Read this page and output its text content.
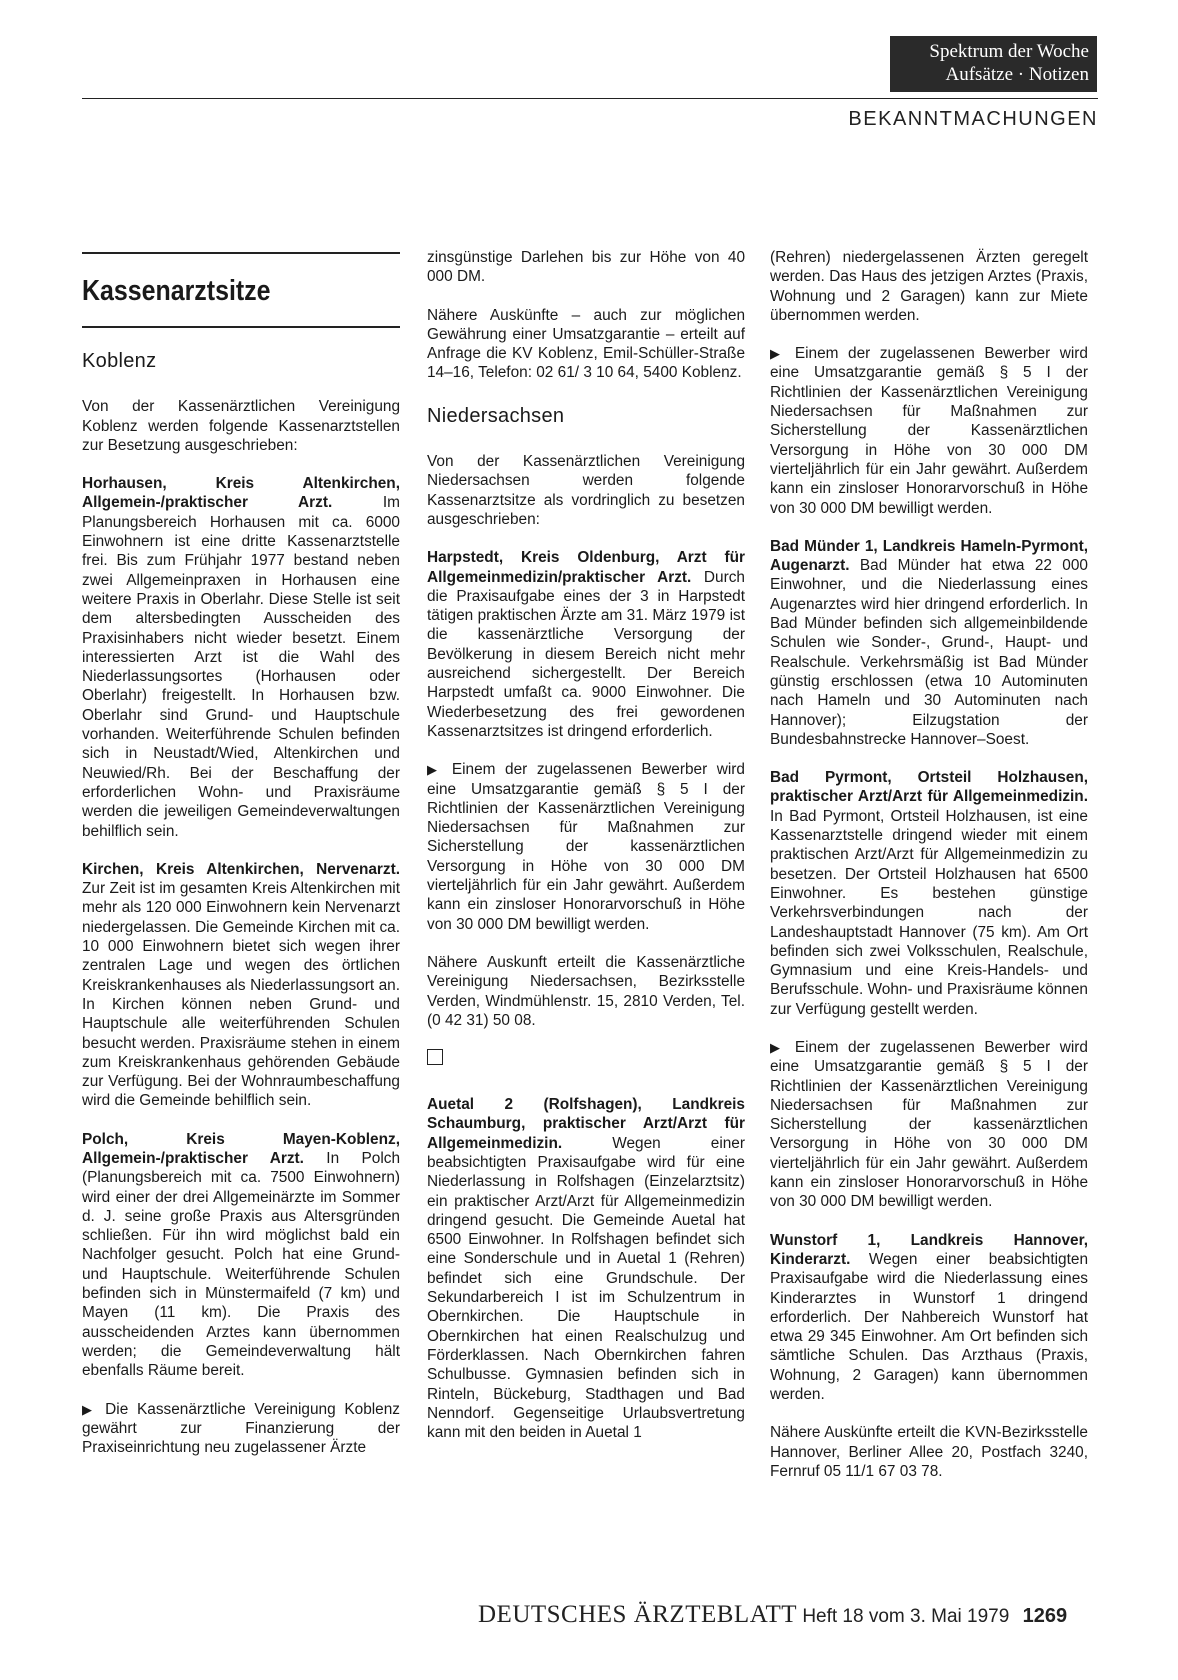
Spektrum der Woche
Aufsätze · Notizen
BEKANNTMACHUNGEN
Kassenarztsitze
Koblenz

Von der Kassenärztlichen Vereinigung Koblenz werden folgende Kassenarztstellen zur Besetzung ausgeschrieben:

Horhausen, Kreis Altenkirchen, Allgemein-/praktischer Arzt. Im Planungsbereich Horhausen mit ca. 6000 Einwohnern ist eine dritte Kassenarztstelle frei. Bis zum Frühjahr 1977 bestand neben zwei Allgemeinpraxen in Horhausen eine weitere Praxis in Oberlahr. Diese Stelle ist seit dem altersbedingten Ausscheiden des Praxisinhabers nicht wieder besetzt. Einem interessierten Arzt ist die Wahl des Niederlassungsortes (Horhausen oder Oberlahr) freigestellt. In Horhausen bzw. Oberlahr sind Grund- und Hauptschule vorhanden. Weiterführende Schulen befinden sich in Neustadt/Wied, Altenkirchen und Neuwied/Rh. Bei der Beschaffung der erforderlichen Wohn- und Praxisräume werden die jeweiligen Gemeindeverwaltungen behilflich sein.

Kirchen, Kreis Altenkirchen, Nervenarzt. Zur Zeit ist im gesamten Kreis Altenkirchen mit mehr als 120 000 Einwohnern kein Nervenarzt niedergelassen. Die Gemeinde Kirchen mit ca. 10 000 Einwohnern bietet sich wegen ihrer zentralen Lage und wegen des örtlichen Kreiskrankenhauses als Niederlassungsort an. In Kirchen können neben Grund- und Hauptschule alle weiterführenden Schulen besucht werden. Praxisräume stehen in einem zum Kreiskrankenhaus gehörenden Gebäude zur Verfügung. Bei der Wohnraumbeschaffung wird die Gemeinde behilflich sein.

Polch, Kreis Mayen-Koblenz, Allgemein-/praktischer Arzt. In Polch (Planungsbereich mit ca. 7500 Einwohnern) wird einer der drei Allgemeinärzte im Sommer d. J. seine große Praxis aus Altersgründen schließen. Für ihn wird möglichst bald ein Nachfolger gesucht. Polch hat eine Grund- und Hauptschule. Weiterführende Schulen befinden sich in Münstermaifeld (7 km) und Mayen (11 km). Die Praxis des ausscheidenden Arztes kann übernommen werden; die Gemeindeverwaltung hält ebenfalls Räume bereit.

▶ Die Kassenärztliche Vereinigung Koblenz gewährt zur Finanzierung der Praxiseinrichtung neu zugelassener Ärzte

zinsgünstige Darlehen bis zur Höhe von 40 000 DM.

Nähere Auskünfte – auch zur möglichen Gewährung einer Umsatzgarantie – erteilt auf Anfrage die KV Koblenz, Emil-Schüller-Straße 14–16, Telefon: 02 61/ 3 10 64, 5400 Koblenz.

Niedersachsen

Von der Kassenärztlichen Vereinigung Niedersachsen werden folgende Kassenarztsitze als vordringlich zu besetzen ausgeschrieben:

Harpstedt, Kreis Oldenburg, Arzt für Allgemeinmedizin/praktischer Arzt. Durch die Praxisaufgabe eines der 3 in Harpstedt tätigen praktischen Ärzte am 31. März 1979 ist die kassenärztliche Versorgung der Bevölkerung in diesem Bereich nicht mehr ausreichend sichergestellt. Der Bereich Harpstedt umfaßt ca. 9000 Einwohner. Die Wiederbesetzung des frei gewordenen Kassenarztsitzes ist dringend erforderlich.

▶ Einem der zugelassenen Bewerber wird eine Umsatzgarantie gemäß § 5 I der Richtlinien der Kassenärztlichen Vereinigung Niedersachsen für Maßnahmen zur Sicherstellung der kassenärztlichen Versorgung in Höhe von 30 000 DM vierteljährlich für ein Jahr gewährt. Außerdem kann ein zinsloser Honorarvorschuß in Höhe von 30 000 DM bewilligt werden.

Nähere Auskunft erteilt die Kassenärztliche Vereinigung Niedersachsen, Bezirksstelle Verden, Windmühlenstr. 15, 2810 Verden, Tel. (0 42 31) 50 08.

Auetal 2 (Rolfshagen), Landkreis Schaumburg, praktischer Arzt/Arzt für Allgemeinmedizin. Wegen einer beabsichtigten Praxisaufgabe wird für eine Niederlassung in Rolfshagen (Einzelarztsitz) ein praktischer Arzt/Arzt für Allgemeinmedizin dringend gesucht. Die Gemeinde Auetal hat 6500 Einwohner. In Rolfshagen befindet sich eine Sonderschule und in Auetal 1 (Rehren) befindet sich eine Grundschule. Der Sekundarbereich I ist im Schulzentrum in Obernkirchen. Die Hauptschule in Obernkirchen hat einen Realschulzug und Förderklassen. Nach Obernkirchen fahren Schulbusse. Gymnasien befinden sich in Rinteln, Bückeburg, Stadthagen und Bad Nenndorf. Gegenseitige Urlaubsvertretung kann mit den beiden in Auetal 1

(Rehren) niedergelassenen Ärzten geregelt werden. Das Haus des jetzigen Arztes (Praxis, Wohnung und 2 Garagen) kann zur Miete übernommen werden.

▶ Einem der zugelassenen Bewerber wird eine Umsatzgarantie gemäß § 5 I der Richtlinien der Kassenärztlichen Vereinigung Niedersachsen für Maßnahmen zur Sicherstellung der Kassenärztlichen Versorgung in Höhe von 30 000 DM vierteljährlich für ein Jahr gewährt. Außerdem kann ein zinsloser Honorarvorschuß in Höhe von 30 000 DM bewilligt werden.

Bad Münder 1, Landkreis Hameln-Pyrmont, Augenarzt. Bad Münder hat etwa 22 000 Einwohner, und die Niederlassung eines Augenarztes wird hier dringend erforderlich. In Bad Münder befinden sich allgemeinbildende Schulen wie Sonder-, Grund-, Haupt- und Realschule. Verkehrsmäßig ist Bad Münder günstig erschlossen (etwa 10 Autominuten nach Hameln und 30 Autominuten nach Hannover); Eilzugstation der Bundesbahnstrecke Hannover–Soest.

Bad Pyrmont, Ortsteil Holzhausen, praktischer Arzt/Arzt für Allgemeinmedizin. In Bad Pyrmont, Ortsteil Holzhausen, ist eine Kassenarztstelle dringend wieder mit einem praktischen Arzt/Arzt für Allgemeinmedizin zu besetzen. Der Ortsteil Holzhausen hat 6500 Einwohner. Es bestehen günstige Verkehrsverbindungen nach der Landeshauptstadt Hannover (75 km). Am Ort befinden sich zwei Volksschulen, Realschule, Gymnasium und eine Kreis-Handels- und Berufsschule. Wohn- und Praxisräume können zur Verfügung gestellt werden.

▶ Einem der zugelassenen Bewerber wird eine Umsatzgarantie gemäß § 5 I der Richtlinien der Kassenärztlichen Vereinigung Niedersachsen für Maßnahmen zur Sicherstellung der kassenärztlichen Versorgung in Höhe von 30 000 DM vierteljährlich für ein Jahr gewährt. Außerdem kann ein zinsloser Honorarvorschuß in Höhe von 30 000 DM bewilligt werden.

Wunstorf 1, Landkreis Hannover, Kinderarzt. Wegen einer beabsichtigten Praxisaufgabe wird die Niederlassung eines Kinderarztes in Wunstorf 1 dringend erforderlich. Der Nahbereich Wunstorf hat etwa 29 345 Einwohner. Am Ort befinden sich sämtliche Schulen. Das Arzthaus (Praxis, Wohnung, 2 Garagen) kann übernommen werden.

Nähere Auskünfte erteilt die KVN-Bezirksstelle Hannover, Berliner Allee 20, Postfach 3240, Fernruf 05 11/1 67 03 78.

DEUTSCHES ÄRZTEBLATT Heft 18 vom 3. Mai 1979 1269
